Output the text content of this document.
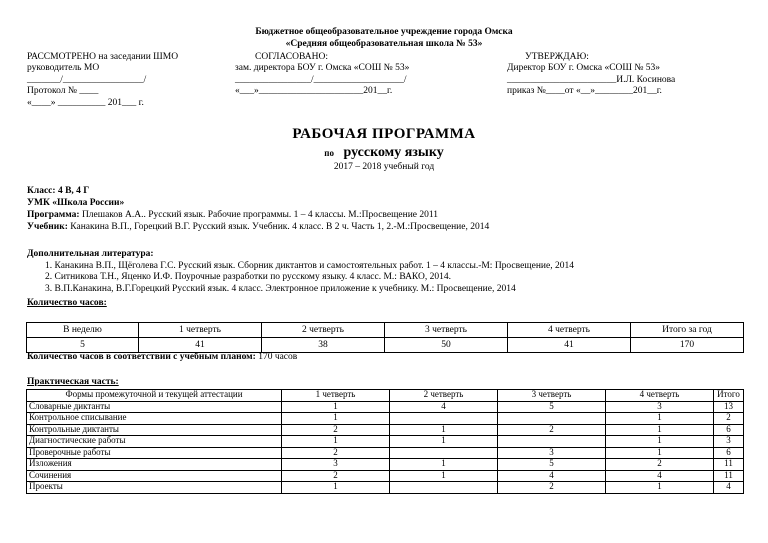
Бюджетное общеобразовательное учреждение города Омска
«Средняя общеобразовательная школа № 53»
РАССМОТРЕНО на заседании ШМО
руководитель МО
_______/_________________/
Протокол № ____
«____» __________ 201___ г.
СОГЛАСОВАНО:
зам. директора БОУ г. Омска «СОШ № 53»
________________/___________________/
«___»______________________201__г.
УТВЕРЖДАЮ:
Директор БОУ г. Омска «СОШ № 53»
_______________________И.Л. Косинова
приказ №____от «__»________201__г.
РАБОЧАЯ ПРОГРАММА
по русскому языку
2017 – 2018 учебный год
Класс: 4 В, 4 Г
УМК «Школа России»
Программа: Плешаков А.А.. Русский язык. Рабочие программы. 1 – 4 классы. М.:Просвещение 2011
Учебник: Канакина В.П., Горецкий В.Г. Русский язык. Учебник. 4 класс. В 2 ч. Часть 1, 2.-М.:Просвещение, 2014
Дополнительная литература:
1. Канакина В.П., Щёголева Г.С. Русский язык. Сборник диктантов и самостоятельных работ. 1 – 4 классы.-М: Просвещение, 2014
2. Ситникова Т.Н., Яценко И.Ф. Поурочные разработки по русскому языку. 4 класс. М.: ВАКО, 2014.
3. В.П.Канакина, В.Г.Горецкий Русский язык. 4 класс. Электронное приложение к учебнику. М.: Просвещение, 2014
Количество часов:
В неделю	1 четверть	2 четверть	3 четверть	4 четверть	Итого за год
5	41	38	50	41	170
Количество часов в соответствии с учебным планом: 170 часов
Практическая часть:
Формы промежуточной и текущей аттестации	1 четверть	2 четверть	3 четверть	4 четверть	Итого
Словарные диктанты	1	4	5	3	13
Контрольное списывание	1			1	2
Контрольные диктанты	2	1	2	1	6
Диагностические работы	1	1		1	3
Проверочные работы	2		3	1	6
Изложения	3	1	5	2	11
Сочинения	2	1	4	4	11
Проекты	1		2	1	4
